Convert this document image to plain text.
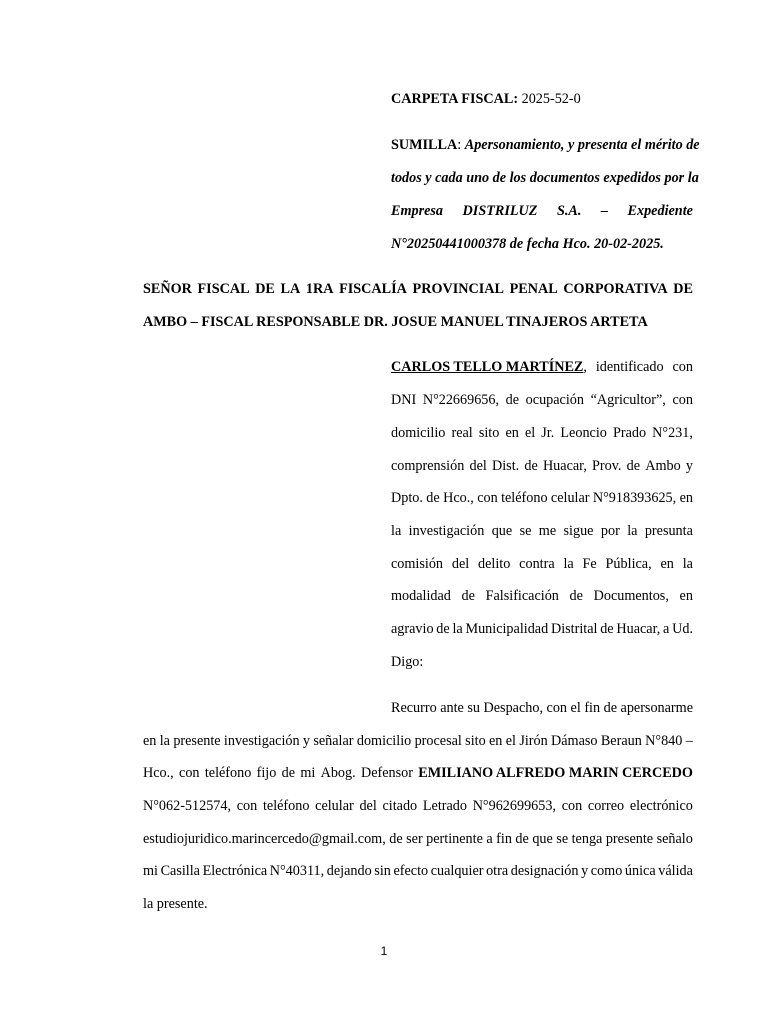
CARPETA FISCAL: 2025-52-0
SUMILLA: Apersonamiento, y presenta el mérito de
todos y cada uno de los documentos expedidos por la
Empresa DISTRILUZ S.A. – Expediente
N°20250441000378 de fecha Hco. 20-02-2025.
SEÑOR FISCAL DE LA 1RA FISCALÍA PROVINCIAL PENAL CORPORATIVA DE
AMBO – FISCAL RESPONSABLE DR. JOSUE MANUEL TINAJEROS ARTETA
CARLOS TELLO MARTÍNEZ, identificado con
DNI N°22669656, de ocupación “Agricultor”, con
domicilio real sito en el Jr. Leoncio Prado N°231,
comprensión del Dist. de Huacar, Prov. de Ambo y
Dpto. de Hco., con teléfono celular N°918393625, en
la investigación que se me sigue por la presunta
comisión del delito contra la Fe Pública, en la
modalidad de Falsificación de Documentos, en
agravio de la Municipalidad Distrital de Huacar, a Ud.
Digo:
Recurro ante su Despacho, con el fin de apersonarme
en la presente investigación y señalar domicilio procesal sito en el Jirón Dámaso Beraun N°840 –
Hco., con teléfono fijo de mi Abog. Defensor EMILIANO ALFREDO MARIN CERCEDO
N°062-512574, con teléfono celular del citado Letrado N°962699653, con correo electrónico
estudiojuridico.marincercedo@gmail.com, de ser pertinente a fin de que se tenga presente señalo
mi Casilla Electrónica N°40311, dejando sin efecto cualquier otra designación y como única válida
la presente.
1
